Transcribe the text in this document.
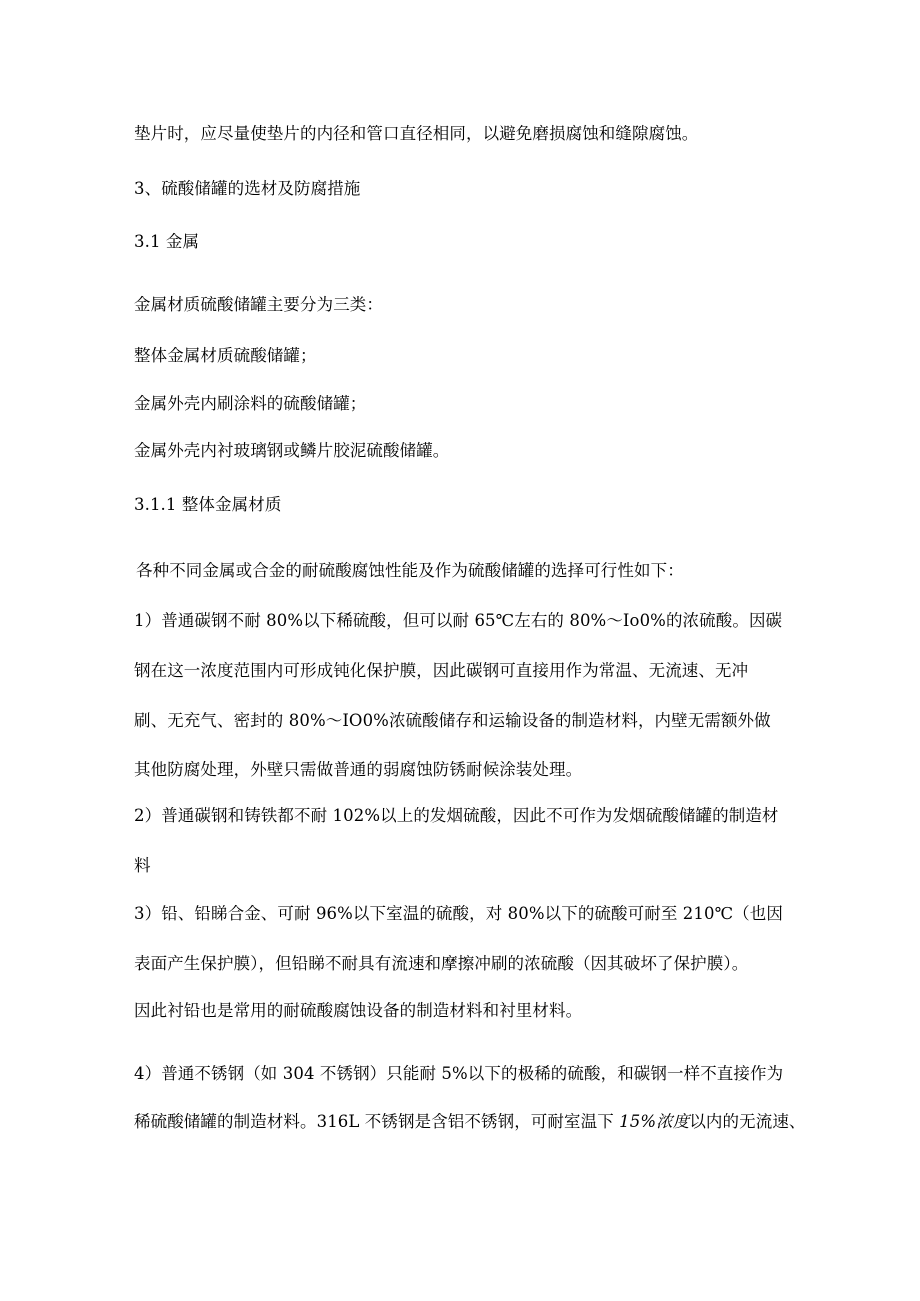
垫片时，应尽量使垫片的内径和管口直径相同，以避免磨损腐蚀和缝隙腐蚀。

3、硫酸储罐的选材及防腐措施

3.1 金属

金属材质硫酸储罐主要分为三类：

整体金属材质硫酸储罐；

金属外壳内刷涂料的硫酸储罐；

金属外壳内衬玻璃钢或鳞片胶泥硫酸储罐。

3.1.1 整体金属材质

各种不同金属或合金的耐硫酸腐蚀性能及作为硫酸储罐的选择可行性如下：

1）普通碳钢不耐 80%以下稀硫酸，但可以耐 65℃左右的 80%～Io0%的浓硫酸。因碳

钢在这一浓度范围内可形成钝化保护膜，因此碳钢可直接用作为常温、无流速、无冲

刷、无充气、密封的 80%～IO0%浓硫酸储存和运输设备的制造材料，内壁无需额外做

其他防腐处理，外壁只需做普通的弱腐蚀防锈耐候涂装处理。

2）普通碳钢和铸铁都不耐 102%以上的发烟硫酸，因此不可作为发烟硫酸储罐的制造材

料

3）铅、铅睇合金、可耐 96%以下室温的硫酸，对 80%以下的硫酸可耐至 210℃（也因

表面产生保护膜），但铅睇不耐具有流速和摩擦冲刷的浓硫酸（因其破坏了保护膜）。

因此衬铅也是常用的耐硫酸腐蚀设备的制造材料和衬里材料。

4）普通不锈钢（如 304 不锈钢）只能耐 5%以下的极稀的硫酸，和碳钢一样不直接作为

稀硫酸储罐的制造材料。316L 不锈钢是含铝不锈钢，可耐室温下 15%浓度以内的无流速、
